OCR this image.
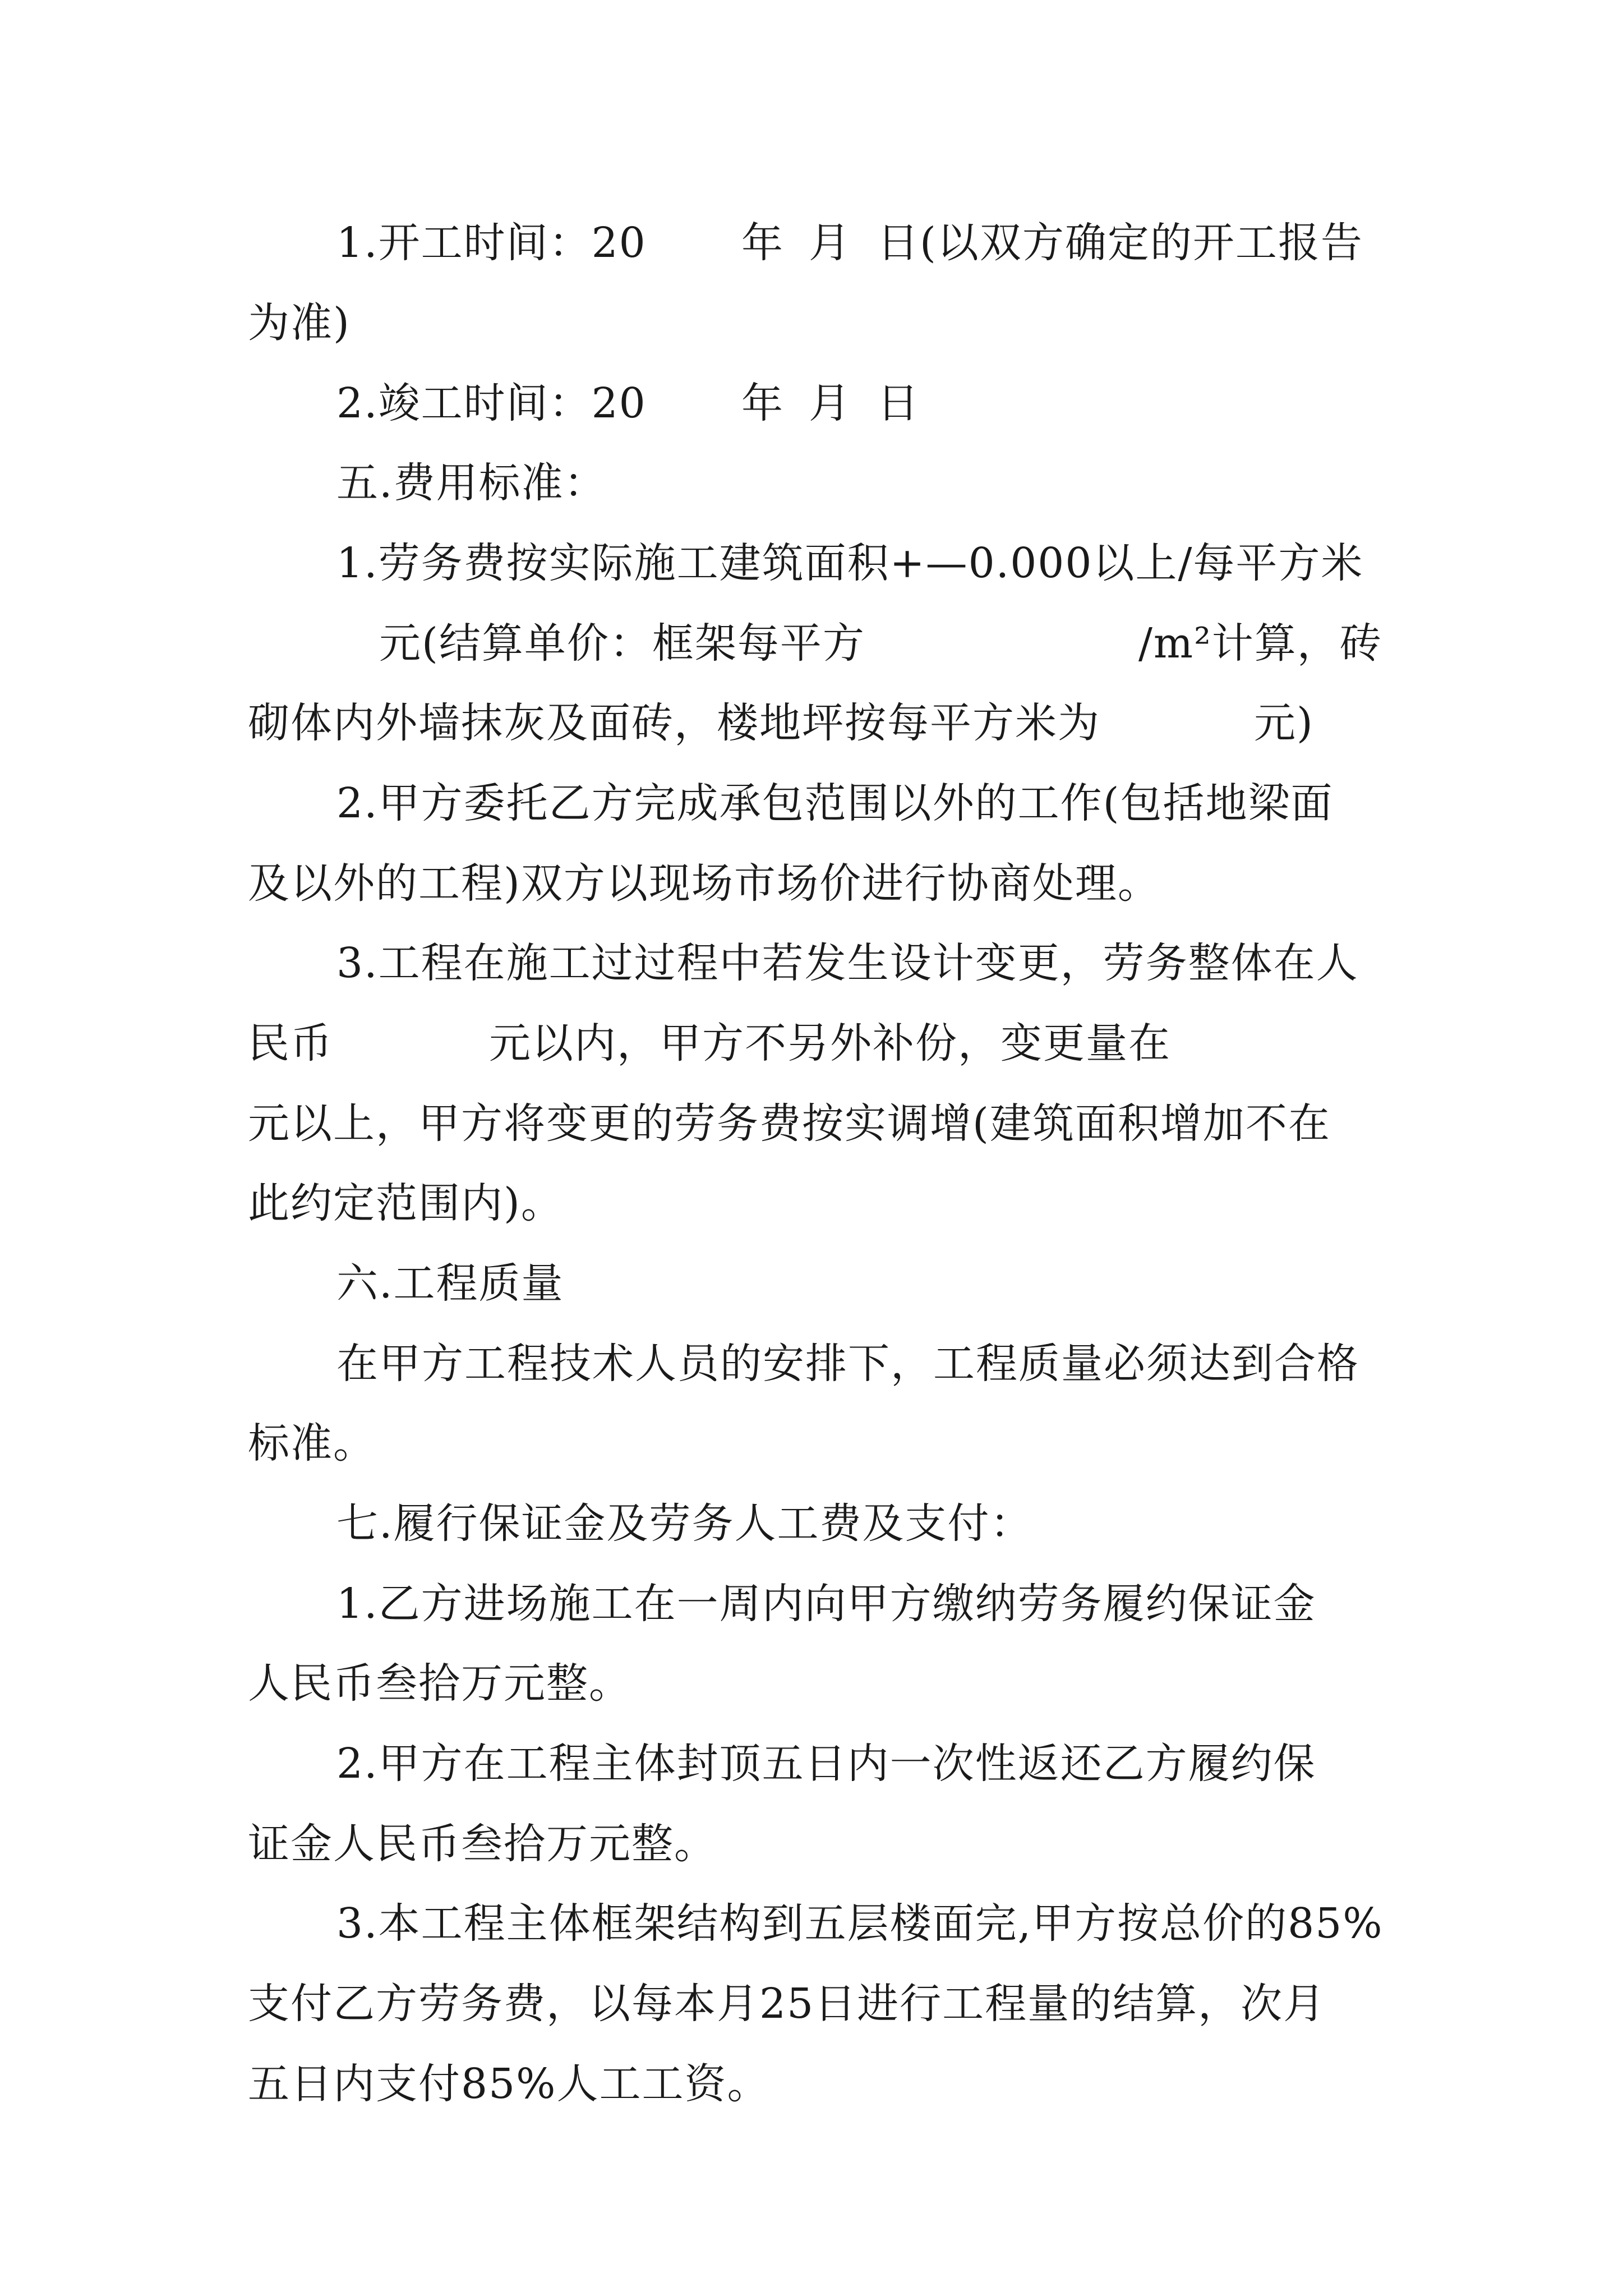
1.开工时间：20

年

月

日(以双方确定的开工报告

为准)

2.竣工时间：20

年

月

日

五.费用标准：

1.劳务费按实际施工建筑面积+—0.000以上/每平方米

元(结算单价：框架每平方

	/m²计算，砖

砌体内外墙抹灰及面砖，楼地坪按每平方米为

	元)

2.甲方委托乙方完成承包范围以外的工作(包括地梁面

及以外的工程)双方以现场市场价进行协商处理。

3.工程在施工过过程中若发生设计变更，劳务整体在人

民币

	元以内，甲方不另外补份，变更量在

元以上，甲方将变更的劳务费按实调增(建筑面积增加不在

此约定范围内)。

六.工程质量

在甲方工程技术人员的安排下，工程质量必须达到合格

标准。

七.履行保证金及劳务人工费及支付：

1.乙方进场施工在一周内向甲方缴纳劳务履约保证金

人民币叁拾万元整。

2.甲方在工程主体封顶五日内一次性返还乙方履约保

证金人民币叁拾万元整。

3.本工程主体框架结构到五层楼面完,甲方按总价的85%

支付乙方劳务费，以每本月25日进行工程量的结算，次月

五日内支付85%人工工资。
